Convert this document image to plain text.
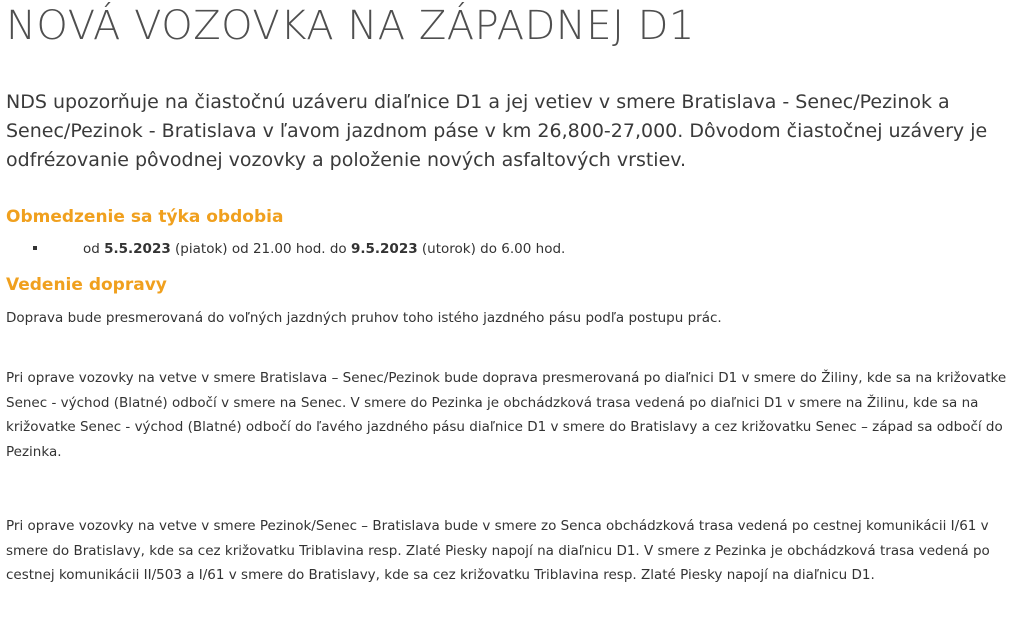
NOVÁ VOZOVKA NA ZÁPADNEJ D1

NDS upozorňuje na čiastočnú uzáveru diaľnice D1 a jej vetiev v smere Bratislava - Senec/Pezinok a Senec/Pezinok - Bratislava v ľavom jazdnom páse v km 26,800-27,000. Dôvodom čiastočnej uzávery je odfrézovanie pôvodnej vozovky a položenie nových asfaltových vrstiev.

Obmedzenie sa týka obdobia
od 5.5.2023 (piatok) od 21.00 hod. do 9.5.2023 (utorok) do 6.00 hod.
Vedenie dopravy

Doprava bude presmerovaná do voľných jazdných pruhov toho istého jazdného pásu podľa postupu prác.

Pri oprave vozovky na vetve v smere Bratislava – Senec/Pezinok bude doprava presmerovaná po diaľnici D1 v smere do Žiliny, kde sa na križovatke Senec - východ (Blatné) odbočí v smere na Senec. V smere do Pezinka je obchádzková trasa vedená po diaľnici D1 v smere na Žilinu, kde sa na križovatke Senec - východ (Blatné) odbočí do ľavého jazdného pásu diaľnice D1 v smere do Bratislavy a cez križovatku Senec – západ sa odbočí do Pezinka.

Pri oprave vozovky na vetve v smere Pezinok/Senec – Bratislava bude v smere zo Senca obchádzková trasa vedená po cestnej komunikácii I/61 v smere do Bratislavy, kde sa cez križovatku Triblavina resp. Zlaté Piesky napojí na diaľnicu D1. V smere z Pezinka je obchádzková trasa vedená po cestnej komunikácii II/503 a I/61 v smere do Bratislavy, kde sa cez križovatku Triblavina resp. Zlaté Piesky napojí na diaľnicu D1.
